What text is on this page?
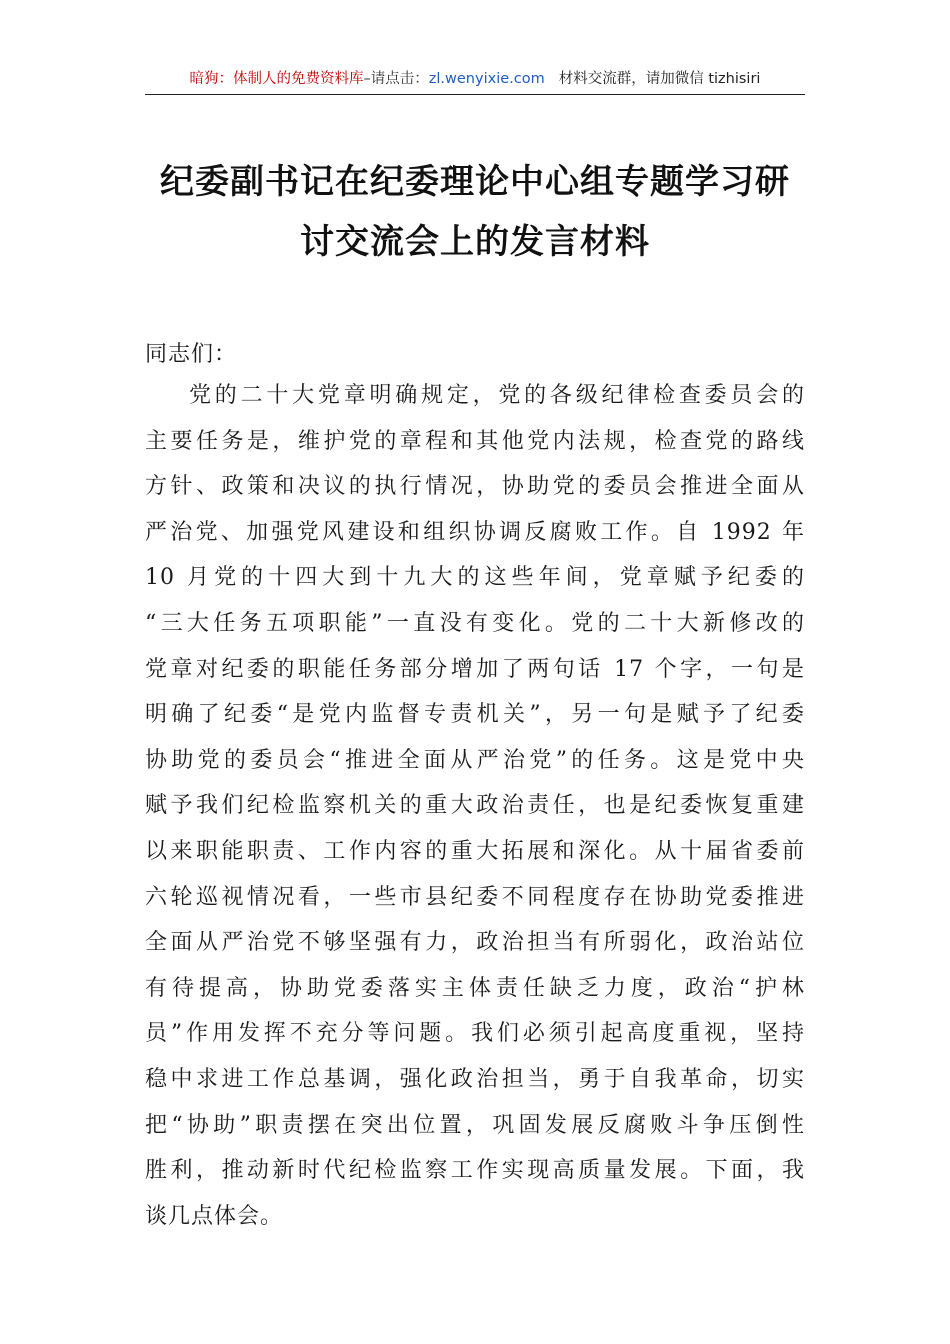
暗狗：体制人的免费资料库–请点击：zl.wenyixie.com 材料交流群，请加微信 tizhisiri
纪委副书记在纪委理论中心组专题学习研
讨交流会上的发言材料
同志们：
党的二十大党章明确规定，党的各级纪律检查委员会的
主要任务是，维护党的章程和其他党内法规，检查党的路线
方针、政策和决议的执行情况，协助党的委员会推进全面从
严治党、加强党风建设和组织协调反腐败工作。自 1992 年
10 月党的十四大到十九大的这些年间，党章赋予纪委的
“三大任务五项职能”一直没有变化。党的二十大新修改的
党章对纪委的职能任务部分增加了两句话 17 个字，一句是
明确了纪委“是党内监督专责机关”，另一句是赋予了纪委
协助党的委员会“推进全面从严治党”的任务。这是党中央
赋予我们纪检监察机关的重大政治责任，也是纪委恢复重建
以来职能职责、工作内容的重大拓展和深化。从十届省委前
六轮巡视情况看，一些市县纪委不同程度存在协助党委推进
全面从严治党不够坚强有力，政治担当有所弱化，政治站位
有待提高，协助党委落实主体责任缺乏力度，政治“护林
员”作用发挥不充分等问题。我们必须引起高度重视，坚持
稳中求进工作总基调，强化政治担当，勇于自我革命，切实
把“协助”职责摆在突出位置，巩固发展反腐败斗争压倒性
胜利，推动新时代纪检监察工作实现高质量发展。下面，我
谈几点体会。
